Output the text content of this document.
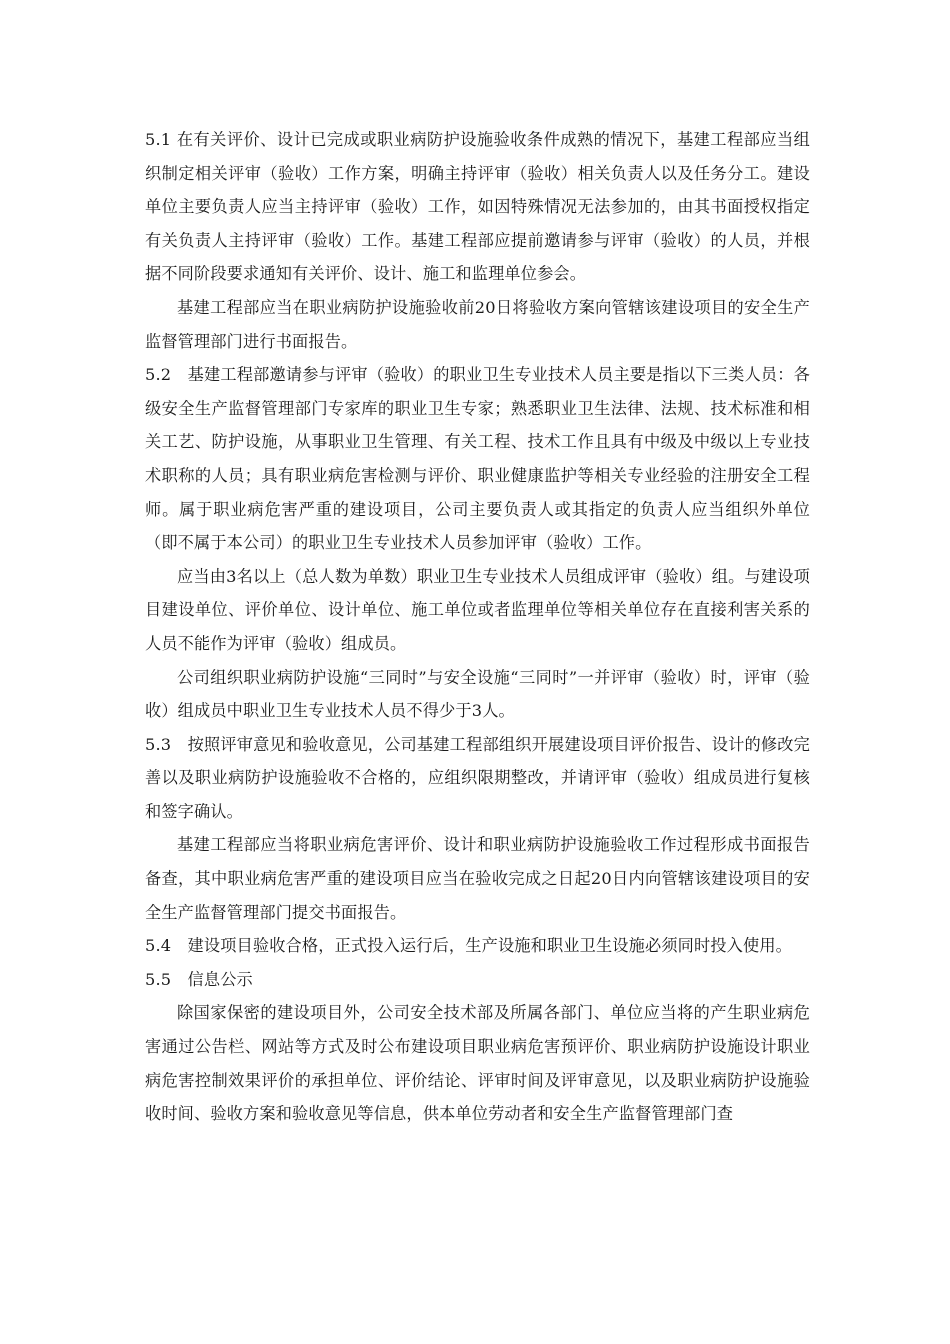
5.1 在有关评价、设计已完成或职业病防护设施验收条件成熟的情况下，基建工程部应当组织制定相关评审（验收）工作方案，明确主持评审（验收）相关负责人以及任务分工。建设单位主要负责人应当主持评审（验收）工作，如因特殊情况无法参加的，由其书面授权指定有关负责人主持评审（验收）工作。基建工程部应提前邀请参与评审（验收）的人员，并根据不同阶段要求通知有关评价、设计、施工和监理单位参会。

基建工程部应当在职业病防护设施验收前20日将验收方案向管辖该建设项目的安全生产监督管理部门进行书面报告。

5.2　基建工程部邀请参与评审（验收）的职业卫生专业技术人员主要是指以下三类人员：各级安全生产监督管理部门专家库的职业卫生专家；熟悉职业卫生法律、法规、技术标准和相关工艺、防护设施，从事职业卫生管理、有关工程、技术工作且具有中级及中级以上专业技术职称的人员；具有职业病危害检测与评价、职业健康监护等相关专业经验的注册安全工程师。属于职业病危害严重的建设项目，公司主要负责人或其指定的负责人应当组织外单位（即不属于本公司）的职业卫生专业技术人员参加评审（验收）工作。

应当由3名以上（总人数为单数）职业卫生专业技术人员组成评审（验收）组。与建设项目建设单位、评价单位、设计单位、施工单位或者监理单位等相关单位存在直接利害关系的人员不能作为评审（验收）组成员。

公司组织职业病防护设施“三同时”与安全设施“三同时”一并评审（验收）时，评审（验收）组成员中职业卫生专业技术人员不得少于3人。

5.3　按照评审意见和验收意见，公司基建工程部组织开展建设项目评价报告、设计的修改完善以及职业病防护设施验收不合格的，应组织限期整改，并请评审（验收）组成员进行复核和签字确认。

基建工程部应当将职业病危害评价、设计和职业病防护设施验收工作过程形成书面报告备查，其中职业病危害严重的建设项目应当在验收完成之日起20日内向管辖该建设项目的安全生产监督管理部门提交书面报告。

5.4　建设项目验收合格，正式投入运行后，生产设施和职业卫生设施必须同时投入使用。

5.5　信息公示

除国家保密的建设项目外，公司安全技术部及所属各部门、单位应当将的产生职业病危害通过公告栏、网站等方式及时公布建设项目职业病危害预评价、职业病防护设施设计职业病危害控制效果评价的承担单位、评价结论、评审时间及评审意见，以及职业病防护设施验收时间、验收方案和验收意见等信息，供本单位劳动者和安全生产监督管理部门查
